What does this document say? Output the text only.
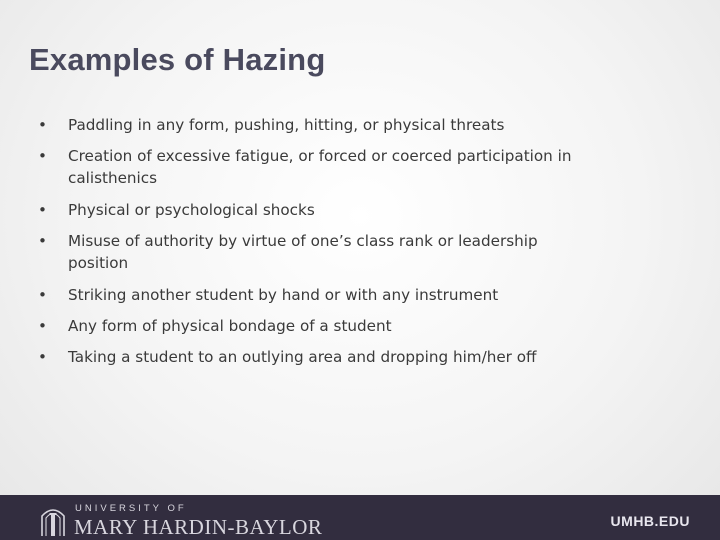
Examples of Hazing
• Paddling in any form, pushing, hitting, or physical threats
• Creation of excessive fatigue, or forced or coerced participation in calisthenics
• Physical or psychological shocks
• Misuse of authority by virtue of one’s class rank or leadership position
• Striking another student by hand or with any instrument
• Any form of physical bondage of a student
• Taking a student to an outlying area and dropping him/her off
UNIVERSITY OF
MARY HARDIN-BAYLOR	UMHB.EDU
